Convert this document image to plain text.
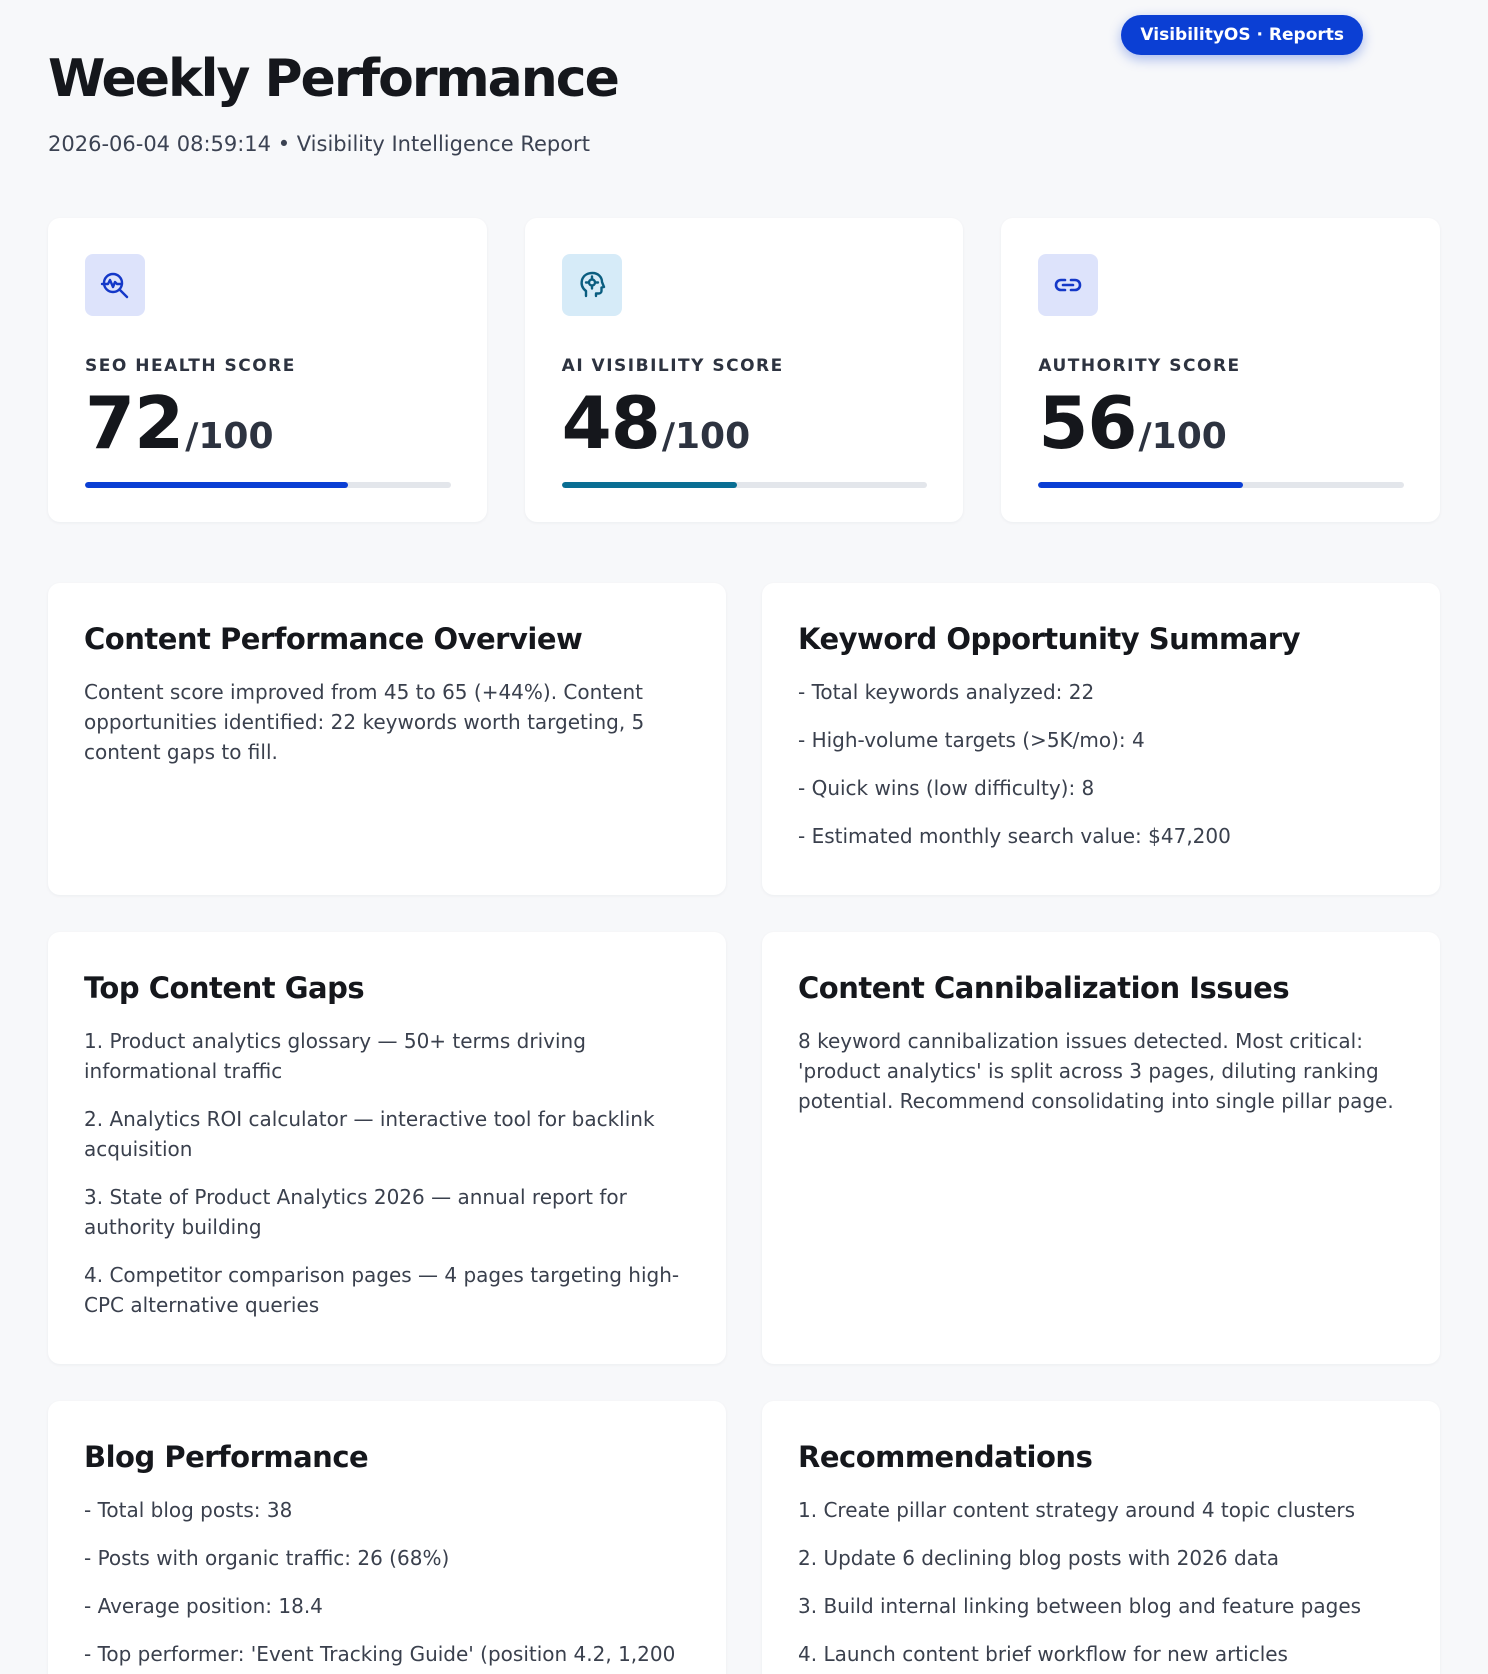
VisibilityOS · Reports
Weekly Performance
2026-06-04 08:59:14 • Visibility Intelligence Report
SEO HEALTH SCORE
72 /100
AI VISIBILITY SCORE
48 /100
AUTHORITY SCORE
56 /100
Content Performance Overview

Content score improved from 45 to 65 (+44%). Content opportunities identified: 22 keywords worth targeting, 5 content gaps to fill.

Keyword Opportunity Summary
- Total keywords analyzed: 22
- High-volume targets (>5K/mo): 4
- Quick wins (low difficulty): 8
- Estimated monthly search value: $47,200
Top Content Gaps
1. Product analytics glossary — 50+ terms driving informational traffic
2. Analytics ROI calculator — interactive tool for backlink acquisition
3. State of Product Analytics 2026 — annual report for authority building
4. Competitor comparison pages — 4 pages targeting high-CPC alternative queries
Content Cannibalization Issues

8 keyword cannibalization issues detected. Most critical: 'product analytics' is split across 3 pages, diluting ranking potential. Recommend consolidating into single pillar page.

Blog Performance
- Total blog posts: 38
- Posts with organic traffic: 26 (68%)
- Average position: 18.4
- Top performer: 'Event Tracking Guide' (position 4.2, 1,200
Recommendations
1. Create pillar content strategy around 4 topic clusters
2. Update 6 declining blog posts with 2026 data
3. Build internal linking between blog and feature pages
4. Launch content brief workflow for new articles
